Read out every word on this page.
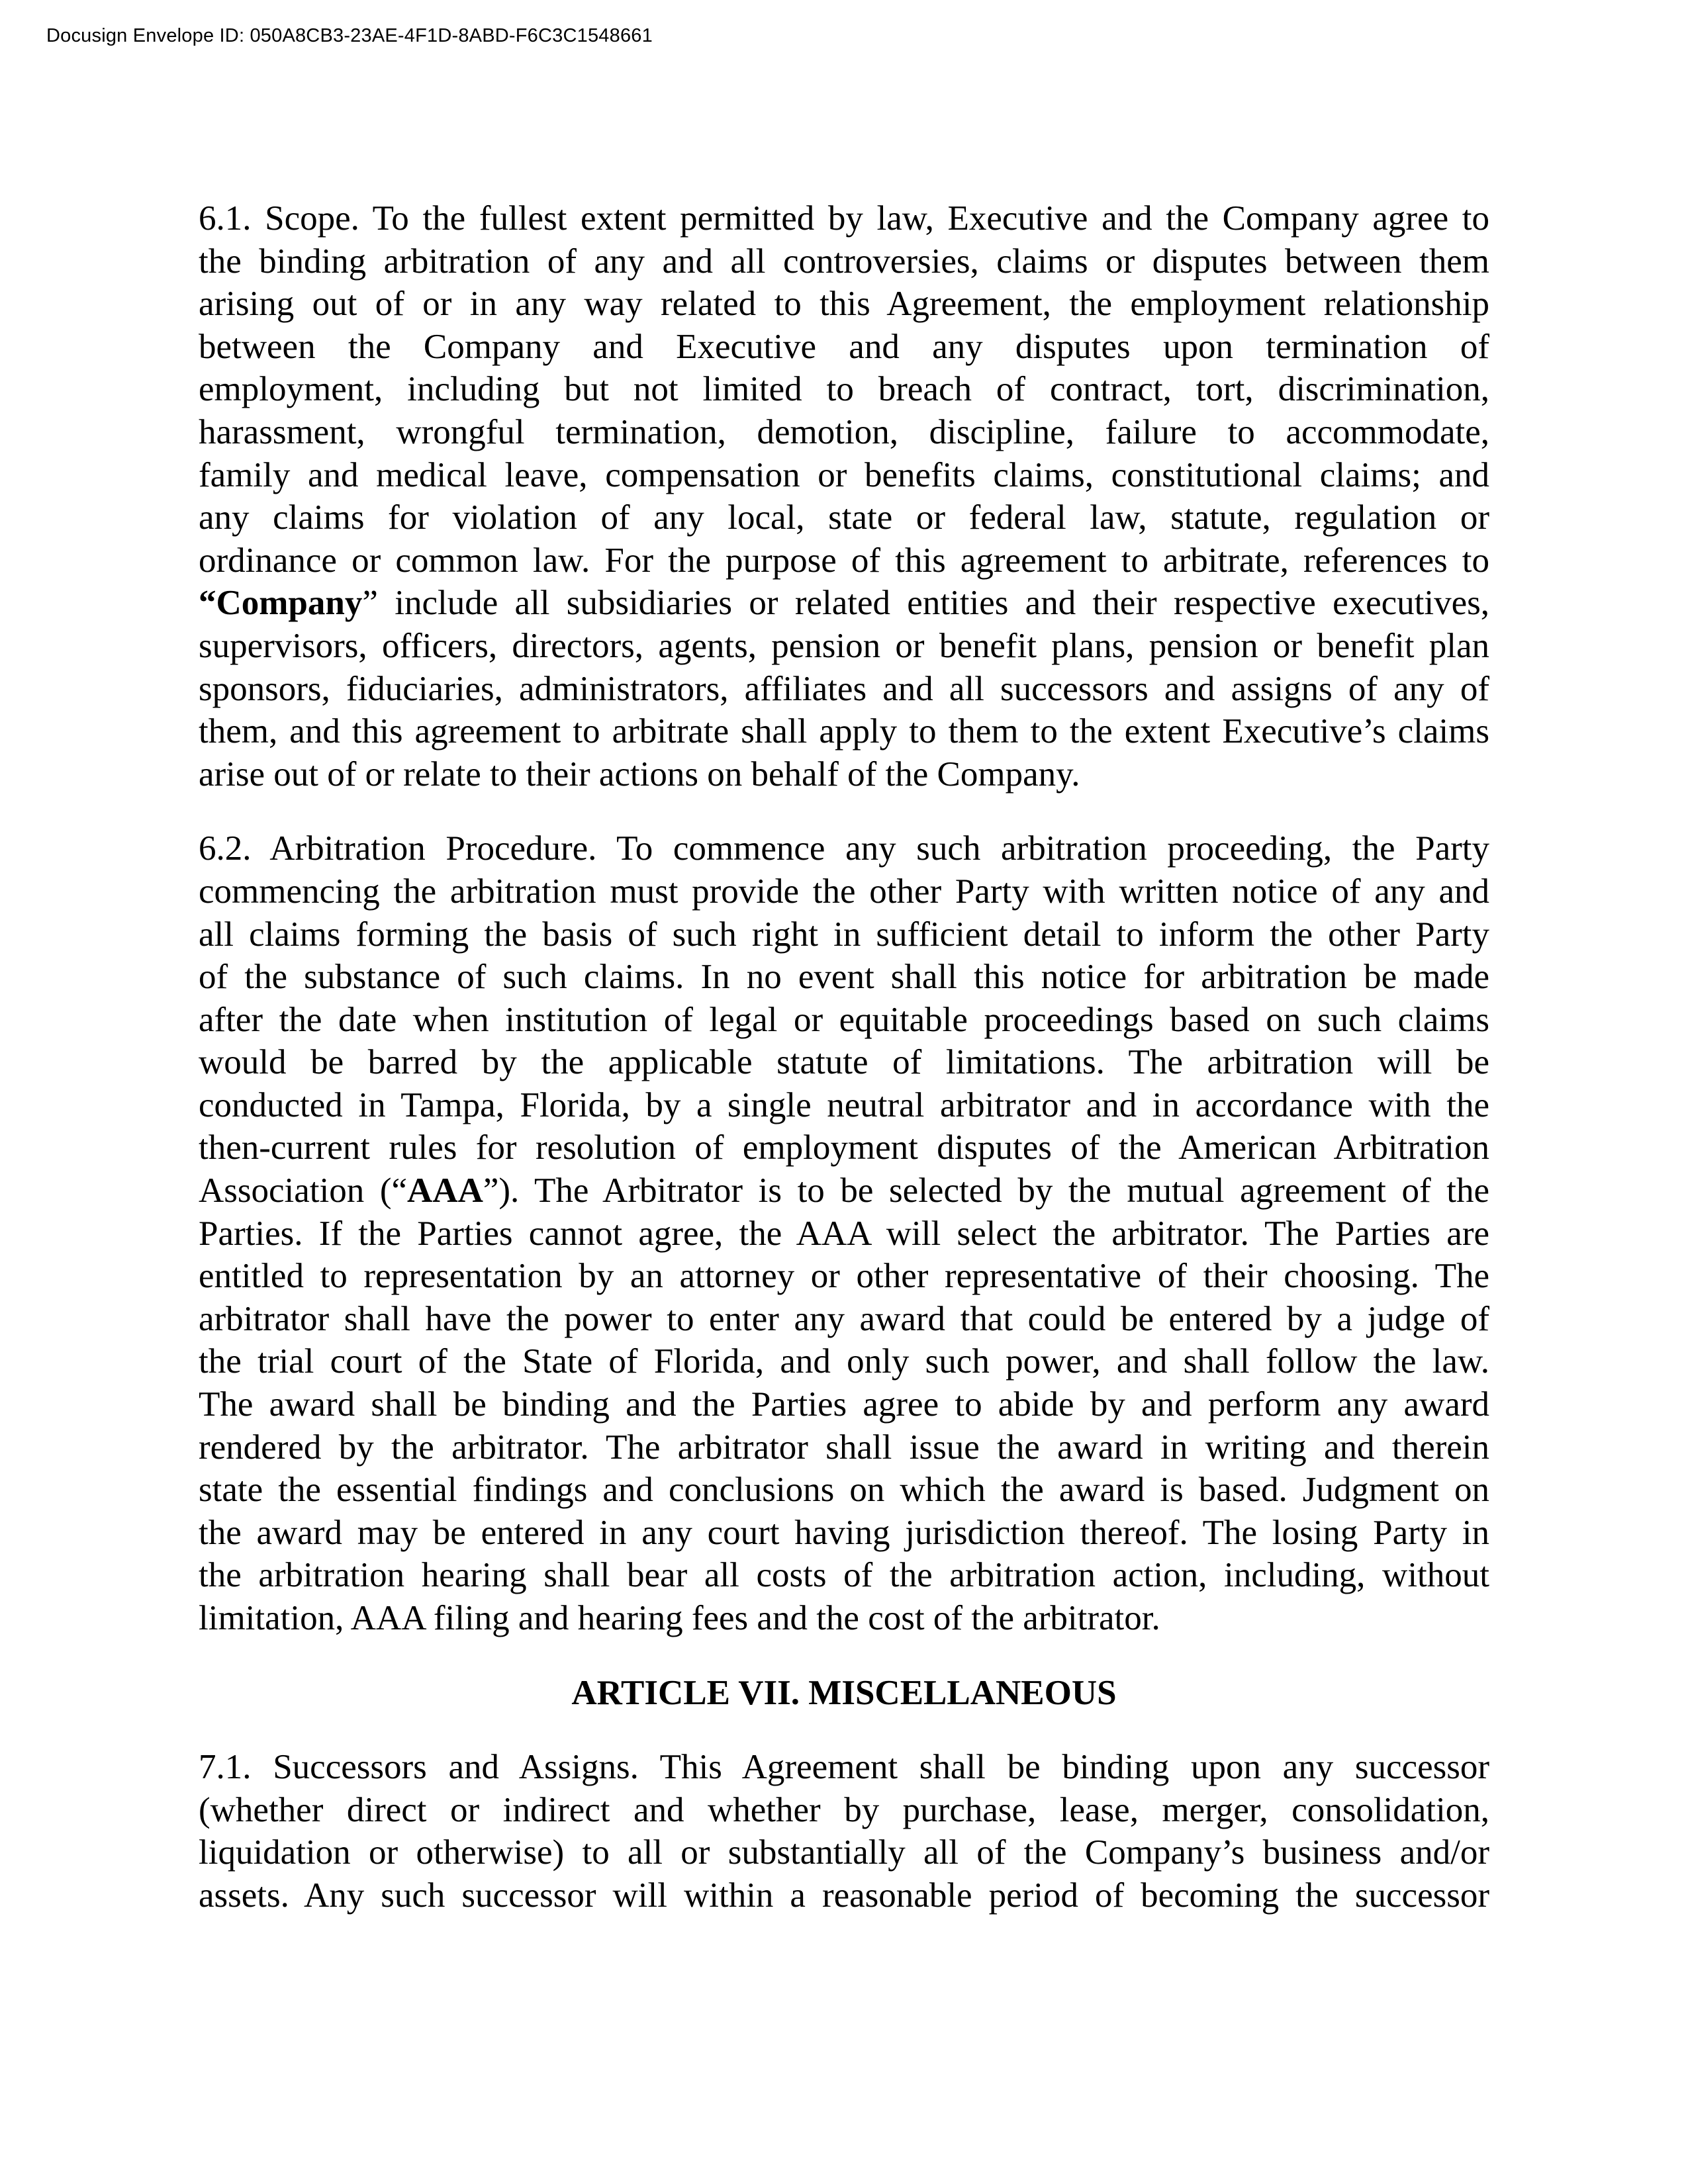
Docusign Envelope ID: 050A8CB3-23AE-4F1D-8ABD-F6C3C1548661
6.1. Scope. To the fullest extent permitted by law, Executive and the Company agree to
the binding arbitration of any and all controversies, claims or disputes between them
arising out of or in any way related to this Agreement, the employment relationship
between the Company and Executive and any disputes upon termination of
employment, including but not limited to breach of contract, tort, discrimination,
harassment, wrongful termination, demotion, discipline, failure to accommodate,
family and medical leave, compensation or benefits claims, constitutional claims; and
any claims for violation of any local, state or federal law, statute, regulation or
ordinance or common law. For the purpose of this agreement to arbitrate, references to
“Company” include all subsidiaries or related entities and their respective executives,
supervisors, officers, directors, agents, pension or benefit plans, pension or benefit plan
sponsors, fiduciaries, administrators, affiliates and all successors and assigns of any of
them, and this agreement to arbitrate shall apply to them to the extent Executive’s claims
arise out of or relate to their actions on behalf of the Company.
6.2. Arbitration Procedure. To commence any such arbitration proceeding, the Party
commencing the arbitration must provide the other Party with written notice of any and
all claims forming the basis of such right in sufficient detail to inform the other Party
of the substance of such claims. In no event shall this notice for arbitration be made
after the date when institution of legal or equitable proceedings based on such claims
would be barred by the applicable statute of limitations. The arbitration will be
conducted in Tampa, Florida, by a single neutral arbitrator and in accordance with the
then-current rules for resolution of employment disputes of the American Arbitration
Association (“AAA”). The Arbitrator is to be selected by the mutual agreement of the
Parties. If the Parties cannot agree, the AAA will select the arbitrator. The Parties are
entitled to representation by an attorney or other representative of their choosing. The
arbitrator shall have the power to enter any award that could be entered by a judge of
the trial court of the State of Florida, and only such power, and shall follow the law.
The award shall be binding and the Parties agree to abide by and perform any award
rendered by the arbitrator. The arbitrator shall issue the award in writing and therein
state the essential findings and conclusions on which the award is based. Judgment on
the award may be entered in any court having jurisdiction thereof. The losing Party in
the arbitration hearing shall bear all costs of the arbitration action, including, without
limitation, AAA filing and hearing fees and the cost of the arbitrator.
ARTICLE VII. MISCELLANEOUS
7.1. Successors and Assigns. This Agreement shall be binding upon any successor
(whether direct or indirect and whether by purchase, lease, merger, consolidation,
liquidation or otherwise) to all or substantially all of the Company’s business and/or
assets. Any such successor will within a reasonable period of becoming the successor
